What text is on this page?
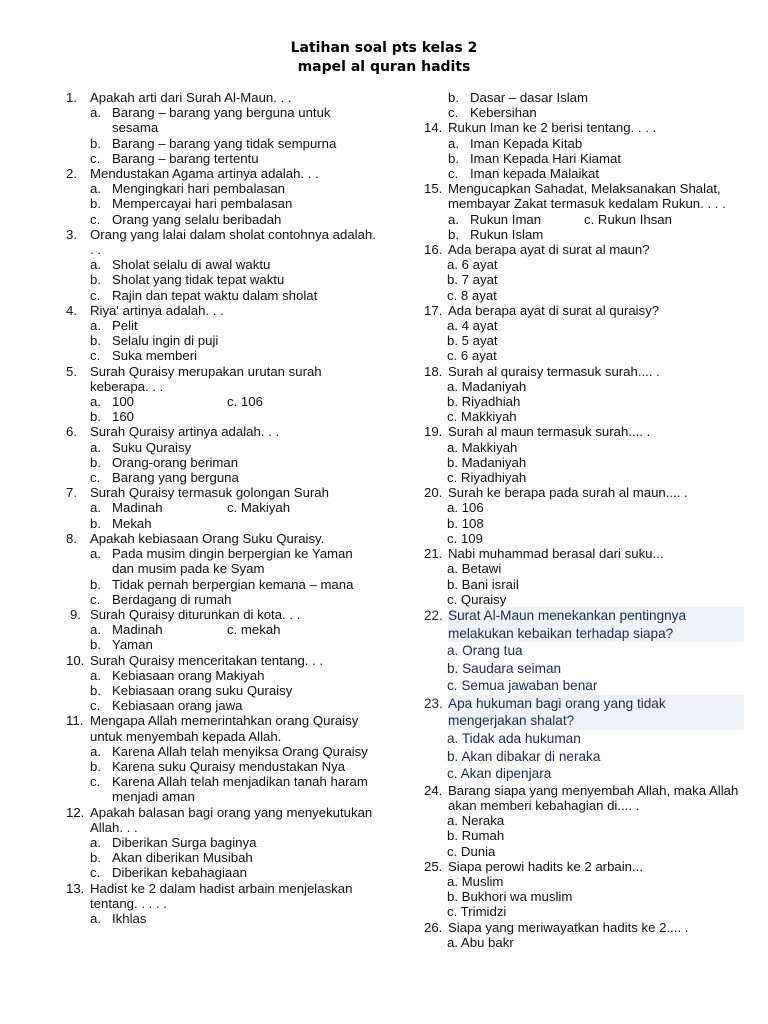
Latihan soal pts kelas 2
mapel al quran hadits
1. Apakah arti dari Surah Al-Maun. . .
a. Barang – barang yang berguna untuk sesama
b. Barang – barang yang tidak sempurna
c. Barang – barang tertentu
2. Mendustakan Agama artinya adalah. . .
a. Mengingkari hari pembalasan
b. Mempercayai hari pembalasan
c. Orang yang selalu beribadah
3. Orang yang lalai dalam sholat contohnya adalah. . .
a. Sholat selalu di awal waktu
b. Sholat yang tidak tepat waktu
c. Rajin dan tepat waktu dalam sholat
4. Riya' artinya adalah. . .
a. Pelit
b. Selalu ingin di puji
c. Suka memberi
5. Surah Quraisy merupakan urutan surah keberapa. . .
a. 100	c. 106
b. 160
6. Surah Quraisy artinya adalah. . .
a. Suku Quraisy
b. Orang-orang beriman
c. Barang yang berguna
7. Surah Quraisy termasuk golongan Surah
a. Madinah	c. Makiyah
b. Mekah
8. Apakah kebiasaan Orang Suku Quraisy.
a. Pada musim dingin berpergian ke Yaman dan musim pada ke Syam
b. Tidak pernah berpergian kemana – mana
c. Berdagang di rumah
9. Surah Quraisy diturunkan di kota. . .
a. Madinah	c. mekah
b. Yaman
10. Surah Quraisy menceritakan tentang. . .
a. Kebiasaan orang Makiyah
b. Kebiasaan orang suku Quraisy
c. Kebiasaan orang jawa
11. Mengapa Allah memerintahkan orang Quraisy untuk menyembah kepada Allah.
a. Karena Allah telah menyiksa Orang Quraisy
b. Karena suku Quraisy mendustakan Nya
c. Karena Allah telah menjadikan tanah haram menjadi aman
12. Apakah balasan bagi orang yang menyekutukan Allah. . .
a. Diberikan Surga baginya
b. Akan diberikan Musibah
c. Diberikan kebahagiaan
13. Hadist ke 2 dalam hadist arbain menjelaskan tentang. . . . .
a. Ikhlas
b. Dasar – dasar Islam
c. Kebersihan
14. Rukun Iman ke 2 berisi tentang. . . .
a. Iman Kepada Kitab
b. Iman Kepada Hari Kiamat
c. Iman kepada Malaikat
15. Mengucapkan Sahadat, Melaksanakan Shalat, membayar Zakat termasuk kedalam Rukun. . . .
a. Rukun Iman	c. Rukun Ihsan
b. Rukun Islam
16. Ada berapa ayat di surat al maun?
a. 6 ayat
b. 7 ayat
c. 8 ayat
17. Ada berapa ayat di surat al quraisy?
a. 4 ayat
b. 5 ayat
c. 6 ayat
18. Surah al quraisy termasuk surah.... .
a. Madaniyah
b. Riyadhiah
c. Makkiyah
19. Surah al maun termasuk surah.... .
a. Makkiyah
b. Madaniyah
c. Riyadhiyah
20. Surah ke berapa pada surah al maun.... .
a. 106
b. 108
c. 109
21. Nabi muhammad berasal dari suku...
a. Betawi
b. Bani israil
c. Quraisy
22. Surat Al-Maun menekankan pentingnya melakukan kebaikan terhadap siapa?
a. Orang tua
b. Saudara seiman
c. Semua jawaban benar
23. Apa hukuman bagi orang yang tidak mengerjakan shalat?
a. Tidak ada hukuman
b. Akan dibakar di neraka
c. Akan dipenjara
24. Barang siapa yang menyembah Allah, maka Allah akan memberi kebahagian di.... .
a. Neraka
b. Rumah
c. Dunia
25. Siapa perowi hadits ke 2 arbain...
a. Muslim
b. Bukhori wa muslim
c. Trimidzi
26. Siapa yang meriwayatkan hadits ke 2.... .
a. Abu bakr
